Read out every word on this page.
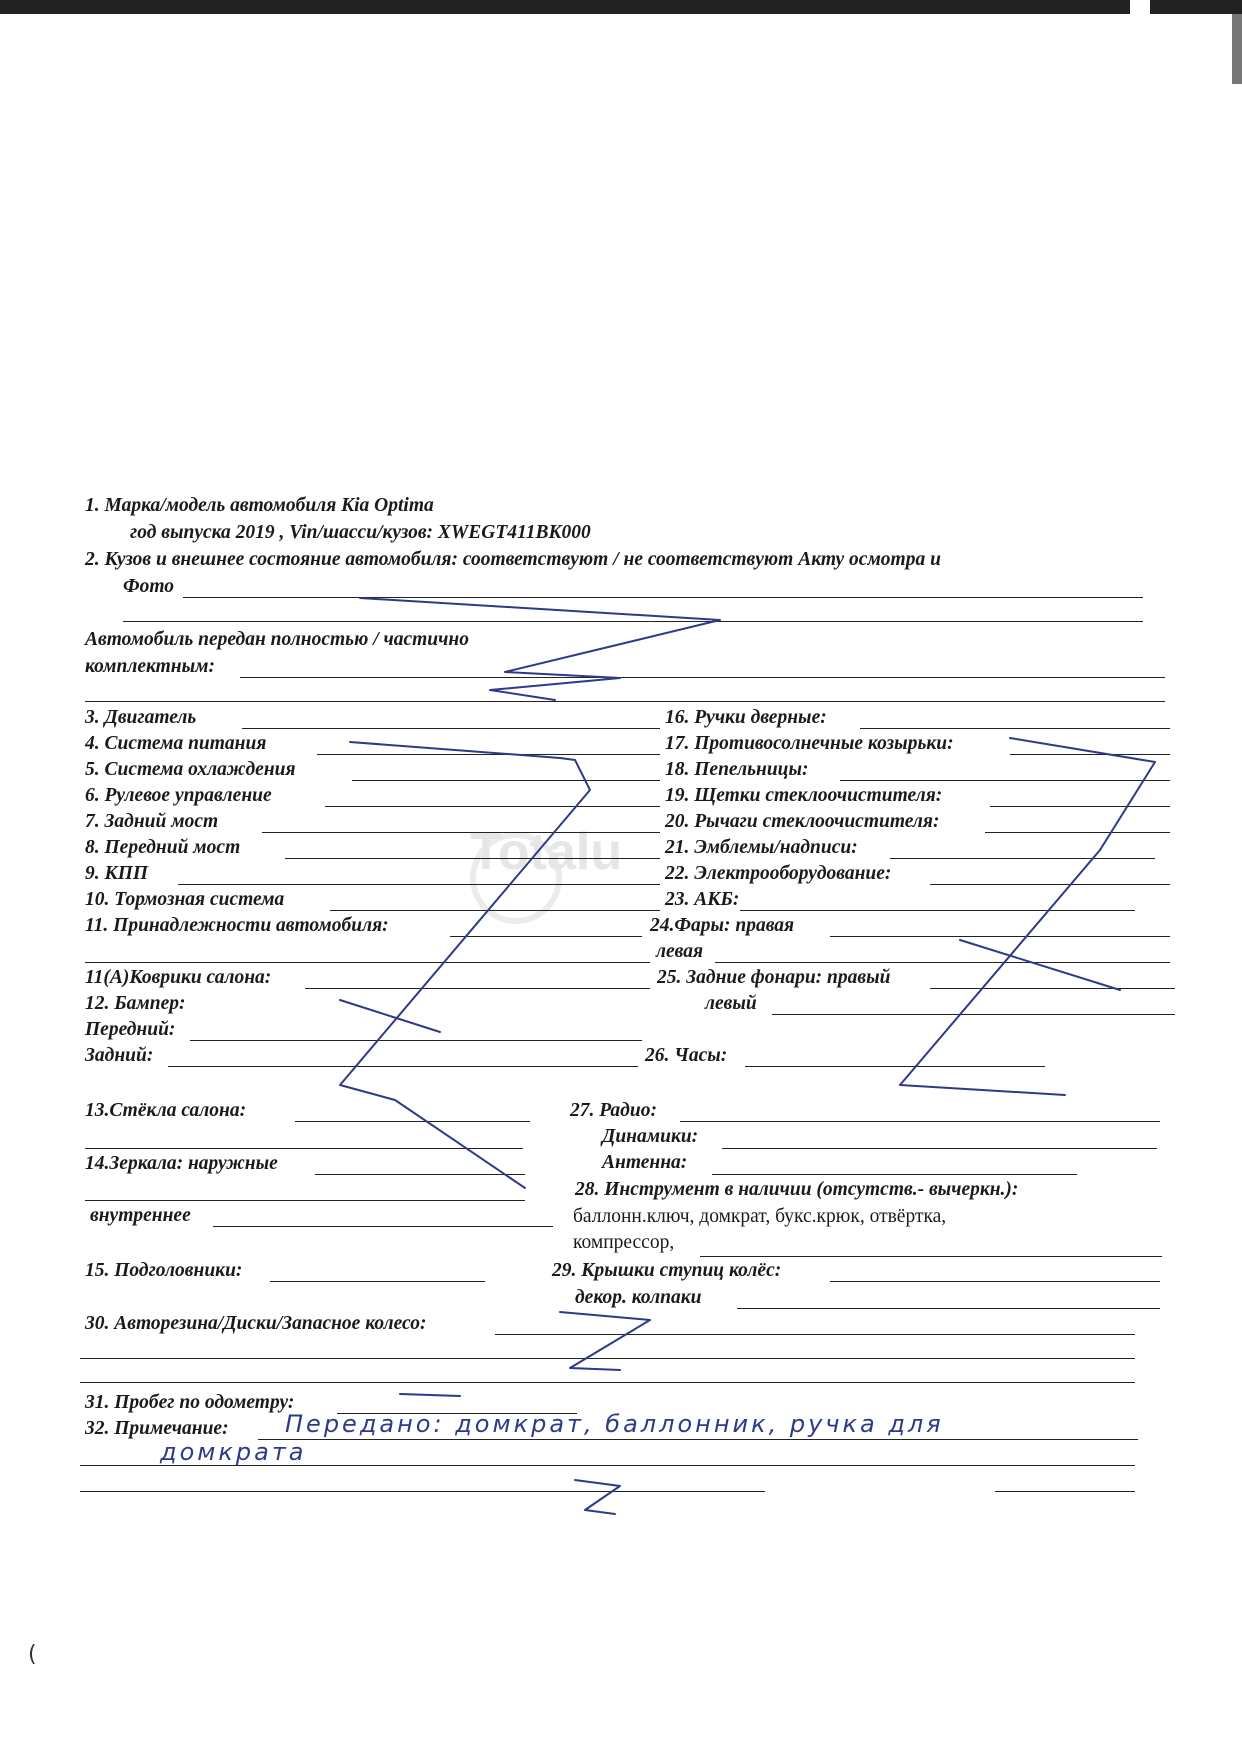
Totalu
1. Марка/модель автомобиля Kia Optima
год выпуска 2019 , Vin/шасси/кузов: XWEGT411BK000
2. Кузов и внешнее состояние автомобиля: соответствуют / не соответствуют Акту осмотра и
Фото
Автомобиль передан полностью / частично
комплектным:
3. Двигатель
4. Система питания
5. Система охлаждения
6. Рулевое управление
7. Задний мост
8. Передний мост
9. КПП
10. Тормозная система
11. Принадлежности автомобиля:
11(А)Коврики салона:
12. Бампер:
Передний:
Задний:
13.Стёкла салона:
14.Зеркала: наружные
внутреннее
15. Подголовники:
30. Авторезина/Диски/Запасное колесо:
31. Пробег по одометру:
32. Примечание:
16. Ручки дверные:
17. Противосолнечные козырьки:
18. Пепельницы:
19. Щетки стеклоочистителя:
20. Рычаги стеклоочистителя:
21. Эмблемы/надписи:
22. Электрооборудование:
23. АКБ:
24.Фары: правая
левая
25. Задние фонари: правый
левый
26. Часы:
27. Радио:
Динамики:
Антенна:
28. Инструмент в наличии (отсутств.- вычеркн.):
баллонн.ключ, домкрат, букс.крюк, отвёртка,
компрессор,
29. Крышки ступиц колёс:
декор. колпаки
Передано: домкрат, баллонник, ручка для
домкрата
(
